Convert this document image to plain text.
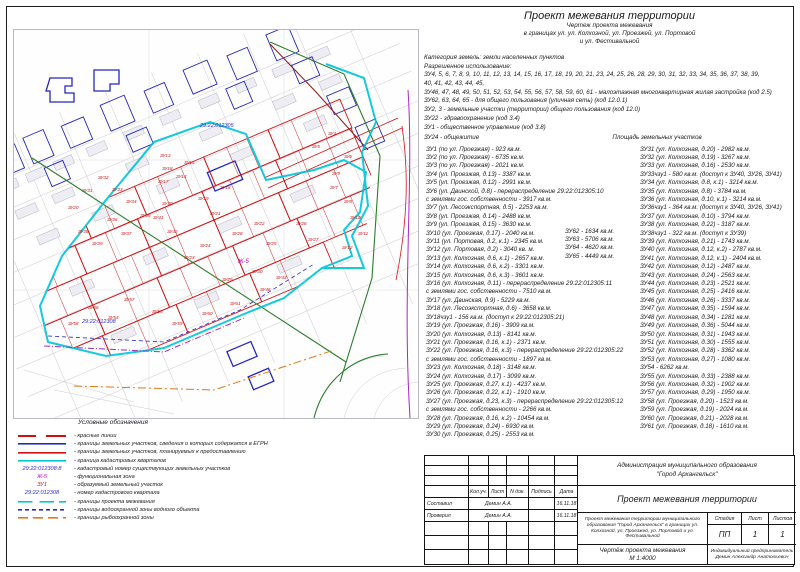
29:22:012305
29:22:012308
Ж-5
ЗУ13
ЗУ18
ЗУ17
ЗУ15
ЗУ14
ЗУ16
ЗУ19
ЗУ32
ЗУ31	ЗУ33
ЗУ34
ЗУ35
ЗУ36
ЗУ37
ЗУ20
ЗУ40
ЗУ41
ЗУ42
ЗУ38
ЗУ39
ЗУ21
ЗУ28
ЗУ22
ЗУ24
ЗУ23
ЗУ25
ЗУ26
ЗУ27
ЗУ29
ЗУ30
ЗУ9
ЗУ7
ЗУ8
ЗУ10
ЗУ11
ЗУ12
ЗУ4
ЗУ5
ЗУ6
ЗУ54
ЗУ56
ЗУ57
ЗУ55
ЗУ58	ЗУ59
ЗУ60
ЗУ61
ЗУ46
ЗУ43
Проект межевания территории
Чертеж проекта межевания
в границах ул. ул. Колхозной, ул. Проезжей, ул. Портовой
и ул. Фестивальной
Категория земель: земли населенных пунктов
Разрешенное использование:
ЗУ4, 5, 6, 7, 8, 9, 10, 11, 12, 13, 14, 15, 16, 17, 18, 19, 20, 21, 23, 24, 25, 26, 28, 29, 30, 31, 32, 33, 34, 35, 36, 37, 38, 39,
40, 41, 42, 43, 44, 45,
ЗУ46, 47, 48, 49, 50, 51, 52, 53, 54, 55, 56, 57, 58, 59, 60, 61 - малоэтажная многоквартирная жилая застройка (код 2.5)
ЗУ62, 63, 64, 65 - для общего пользования (уличная сеть) (код 12.0.1)
ЗУ2, 3 - земельные участки (территории) общего пользования (код 12.0)
ЗУ22 - здравоохранение (код 3.4)
ЗУ1 - общественное управление (код 3.8)
ЗУ24 - общежитие	Площадь земельных участков
ЗУ1 (по ул. Проезжая) - 923 кв.м.
ЗУ2 (по ул. Проезжая) - 6735 кв.м.
ЗУ3 (по ул. Проезжая) - 2021 кв.м.
ЗУ4 (ул. Проезжая, д.13) - 3387 кв.м.
ЗУ5 (ул. Проезжая, д.12) - 2991 кв.м.
ЗУ6 (ул. Двинской, д.8) - перераспределение 29:22:012305:10
с землями гос. собственности - 3917 кв.м.
ЗУ7 (ул. Лесоэкспортная, д.5) - 2253 кв.м.
ЗУ8 (ул. Проезжая, д.14) - 2488 кв.м.
ЗУ9 (ул. Проезжая, д.15) - 3630 кв.м.
ЗУ10 (ул. Проезжая, д.17) - 2040 кв.м.
ЗУ11 (ул. Портовая, д.2, к.1) - 2345 кв.м.
ЗУ12 (ул. Портовая, д.2) - 3040 кв. м.
ЗУ13 (ул. Колхозная, д.6, к.1) - 2657 кв.м.
ЗУ14 (ул. Колхозная, д.6, к.2) - 3301 кв.м.
ЗУ15 (ул. Колхозная, д.6, к.3) - 3601 кв.м.
ЗУ16 (ул. Колхозная, д.11) - перераспределение 29:22:012305:11
с землями гос. собственности - 7510 кв.м.
ЗУ17 (ул. Двинская, д.9) - 5229 кв.м.
ЗУ18 (ул. Лесоэкспортная, д.6) - 3658 кв.м.
ЗУ18чзу1 - 156 кв.м. (доступ к 29:22:012305:21)
ЗУ19 (ул. Проезжая, д.16) - 3909 кв.м.
ЗУ20 (ул. Колхозная, д.13) - 8141 кв.м.
ЗУ21 (ул. Проезжая, д.16, к.1) - 2371 кв.м.
ЗУ22 (ул. Проезжая, д.16, к.3) - перераспределение 29:22:012305:22
с землями гос. собственности - 1897 кв.м.
ЗУ23 (ул. Колхозная, д.18) - 3148 кв.м.
ЗУ24 (ул. Колхозная, д.17) - 3099 кв.м.
ЗУ25 (ул. Проезжая, д.27, к.1) - 4237 кв.м.
ЗУ26 (ул. Проезжая, д.22, к.1) - 1910 кв.м.
ЗУ27 (ул. Проезжая, д.23, к.3) - перераспределение 29:22:012305:12
с землями гос. собственности - 2266 кв.м.
ЗУ28 (ул. Проезжая, д.16, к.2) - 10454 кв.м.
ЗУ29 (ул. Проезжая, д.24) - 6930 кв.м.
ЗУ30 (ул. Проезжая, д.25) - 2553 кв.м.
ЗУ62 - 1634 кв.м.
ЗУ63 - 5706 кв.м.
ЗУ64 - 4620 кв.м.
ЗУ65 - 4449 кв.м.
ЗУ31 (ул. Колхозная, д.20) - 2982 кв.м.
ЗУ32 (ул. Колхозная, д.19) - 3267 кв.м.
ЗУ33 (ул. Колхозная, д.16) - 2530 кв.м.
ЗУ33чзу1 - 580 кв.м. (доступ к ЗУ40, ЗУ26, ЗУ41)
ЗУ34 (ул. Колхозная, д.8, к.1) - 3214 кв.м.
ЗУ35 (ул. Колхозная, д.8) - 3784 кв.м.
ЗУ36 (ул. Колхозная, д.10, к.1) - 3214 кв.м.
ЗУ36чзу1 - 364 кв.м. (доступ к ЗУ40, ЗУ26, ЗУ41)
ЗУ37 (ул. Колхозная, д.10) - 3794 кв.м.
ЗУ38 (ул. Колхозная, д.22) - 3187 кв.м.
ЗУ38чзу1 - 322 кв.м. (доступ к ЗУ39)
ЗУ39 (ул. Колхозная, д.21) - 1743 кв.м.
ЗУ40 (ул. Колхозная, д.12, к.2) - 2787 кв.м.
ЗУ41 (ул. Колхозная, д.12, к.1) - 2404 кв.м.
ЗУ42 (ул. Колхозная, д.12) - 2487 кв.м.
ЗУ43 (ул. Колхозная, д.24) - 2563 кв.м.
ЗУ44 (ул. Колхозная, д.23) - 2521 кв.м.
ЗУ45 (ул. Колхозная, д.25) - 2416 кв.м.
ЗУ46 (ул. Колхозная, д.26) - 3337 кв.м.
ЗУ47 (ул. Колхозная, д.35) - 1594 кв.м.
ЗУ48 (ул. Колхозная, д.34) - 1281 кв.м.
ЗУ49 (ул. Колхозная, д.36) - 5044 кв.м.
ЗУ50 (ул. Колхозная, д.31) - 1943 кв.м.
ЗУ51 (ул. Колхозная, д.30) - 1555 кв.м.
ЗУ52 (ул. Колхозная, д.28) - 3362 кв.м.
ЗУ53 (ул. Колхозная, д.27) - 1080 кв.м.
ЗУ54 - 6262 кв.м.
ЗУ55 (ул. Колхозная, д.33) - 2388 кв.м.
ЗУ56 (ул. Колхозная, д.32) - 1902 кв.м.
ЗУ57 (ул. Колхозная, д.29) - 1950 кв.м.
ЗУ58 (ул. Проезжая, д.20) - 1523 кв.м.
ЗУ59 (ул. Проезжая, д.19) - 2024 кв.м.
ЗУ60 (ул. Проезжая, д.21) - 2028 кв.м.
ЗУ61 (ул. Проезжая, д.18) - 1610 кв.м.
Условные обозначения
- красные линии
- границы земельных участков, сведения о которых содержатся в ЕГРН
- границы земельных участков, планируемых к предоставлению
- граница кадастровых кварталов
29:22:012308:8	- кадастровый номер существующих земельных участков
Ж-5	- функциональная зона
ЗУ1	- образуемый земельный участок
29:22:012308	- номер кадастрового квартала
- границы проекта межевания
- границы водоохранной зоны водного объекта
- границы рыбоохранной зоны
Кол.уч. Лист	N док.	Подпись	Дата
Составил	Демин А.А.	16.11.18
Проверил	Демин А.А.	16.11.18
Администрация муниципального образования
"Город Архангельск"
Проект межевания территории
Проект межевания территории муниципального образования "Город Архангельск" в границах ул. Колхозной, ул. Проезжей, ул. Портовой и ул. Фестивальной
Стадия	Лист	Листов
ПП	1	1
Чертёж проекта межевания
М 1:4000
Индивидуальный предприниматель
Демин Александр Анатольевич
